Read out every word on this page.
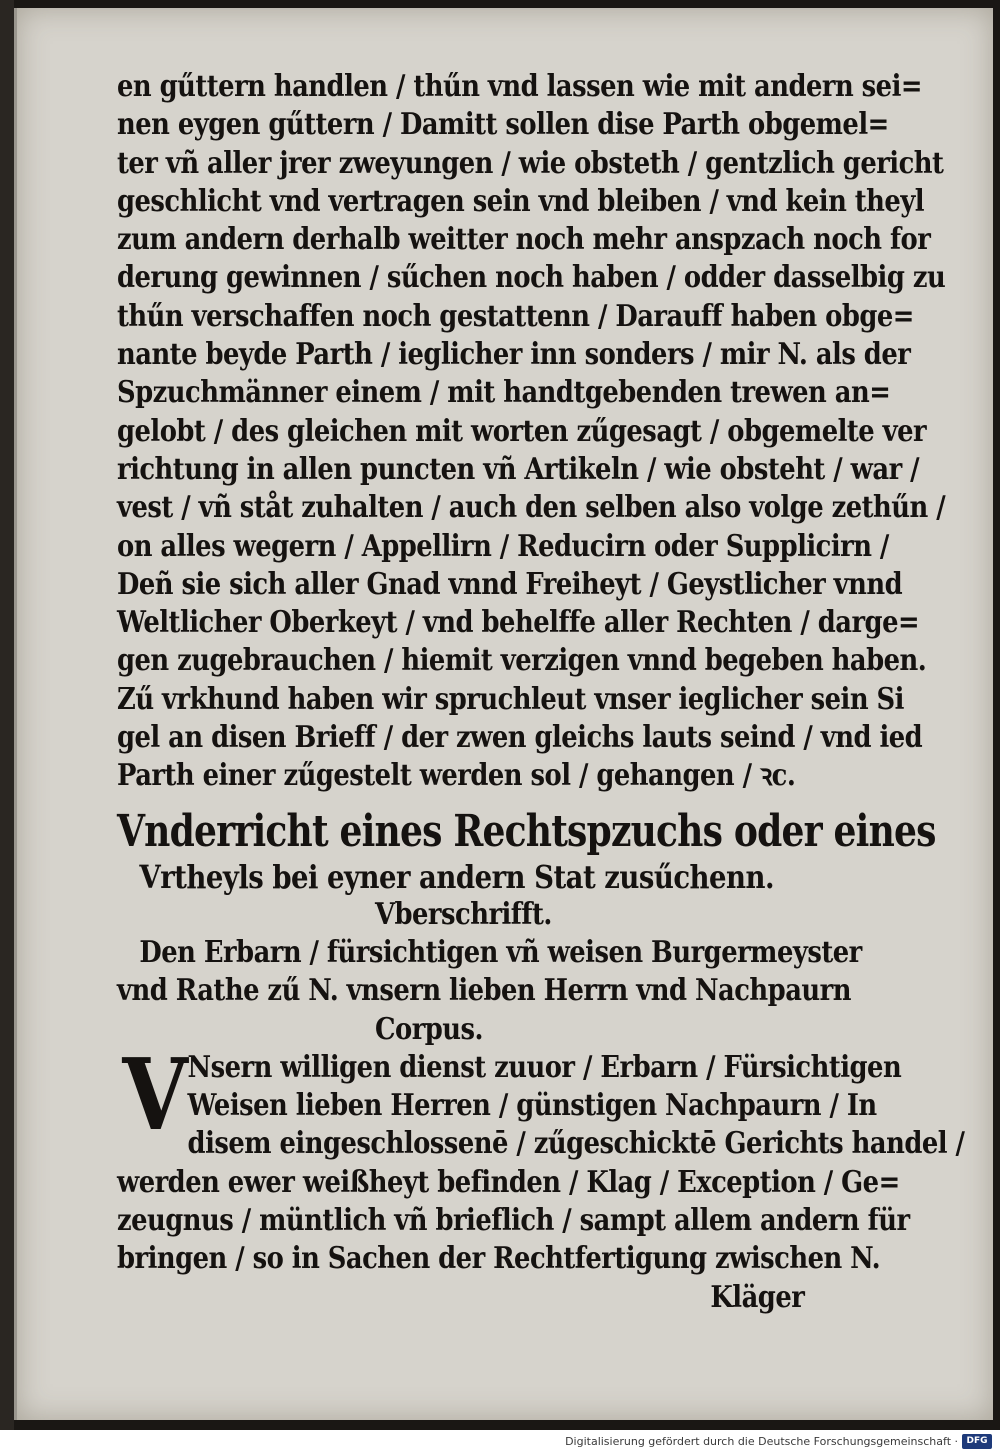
en gűttern handlen / thűn vnd lassen wie mit andern sei=
nen eygen gűttern / Damitt sollen dise Parth obgemel=
ter vñ aller jrer zweyungen / wie obsteth / gentzlich gericht
geschlicht vnd vertragen sein vnd bleiben / vnd kein theyl
zum andern derhalb weitter noch mehr anspzach noch for
derung gewinnen / sűchen noch haben / odder dasselbig zu
thűn verschaffen noch gestattenn / Darauff haben obge=
nante beyde Parth / ieglicher inn sonders / mir N. als der
Spzuchmänner einem / mit handtgebenden trewen an=
gelobt / des gleichen mit worten zűgesagt / obgemelte ver
richtung in allen puncten vñ Artikeln / wie obsteht / war /
vest / vñ ståt zuhalten / auch den selben also volge zethűn /
on alles wegern / Appellirn / Reducirn oder Supplicirn /
Deñ sie sich aller Gnad vnnd Freiheyt / Geystlicher vnnd
Weltlicher Oberkeyt / vnd behelffe aller Rechten / darge=
gen zugebrauchen / hiemit verzigen vnnd begeben haben.
Zű vrkhund haben wir spruchleut vnser ieglicher sein Si
gel an disen Brieff / der zwen gleichs lauts seind / vnd ied
Parth einer zűgestelt werden sol / gehangen / ꝛc.
Vnderricht eines Rechtspzuchs oder eines
Vrtheyls bei eyner andern Stat zusűchenn.
Vberschrifft.
Den Erbarn / fürsichtigen vñ weisen Burgermeyster
vnd Rathe zű N. vnsern lieben Herrn vnd Nachpaurn
Corpus.
V Nsern willigen dienst zuuor / Erbarn / Fürsichtigen
Weisen lieben Herren / günstigen Nachpaurn / In
disem eingeschlossenē / zűgeschicktē Gerichts handel /
werden ewer weißheyt befinden / Klag / Exception / Ge=
zeugnus / müntlich vñ brieflich / sampt allem andern für
bringen / so in Sachen der Rechtfertigung zwischen N.
Kläger
Digitalisierung gefördert durch die Deutsche Forschungsgemeinschaft · DFG
